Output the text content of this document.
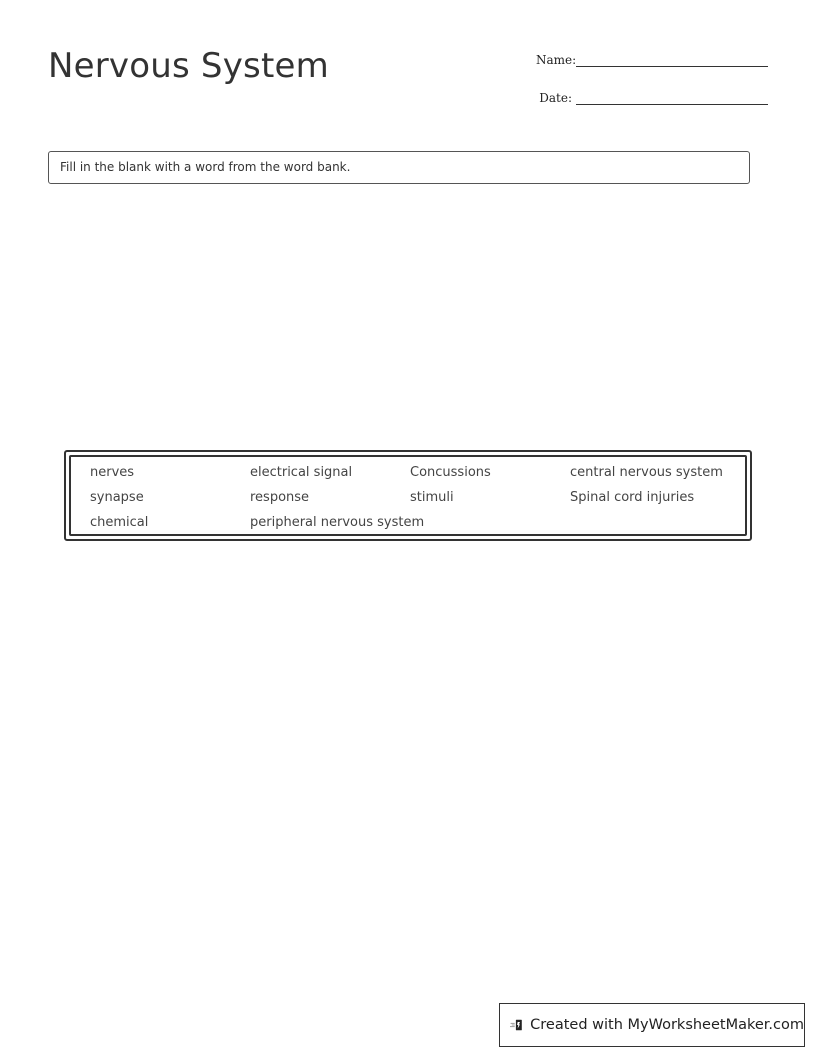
Nervous System	Name:
Date:
Fill in the blank with a word from the word bank.
nerves	electrical signal	Concussions	central nervous system
synapse	response	stimuli	Spinal cord injuries
chemical	peripheral nervous system
Created with MyWorksheetMaker.com
